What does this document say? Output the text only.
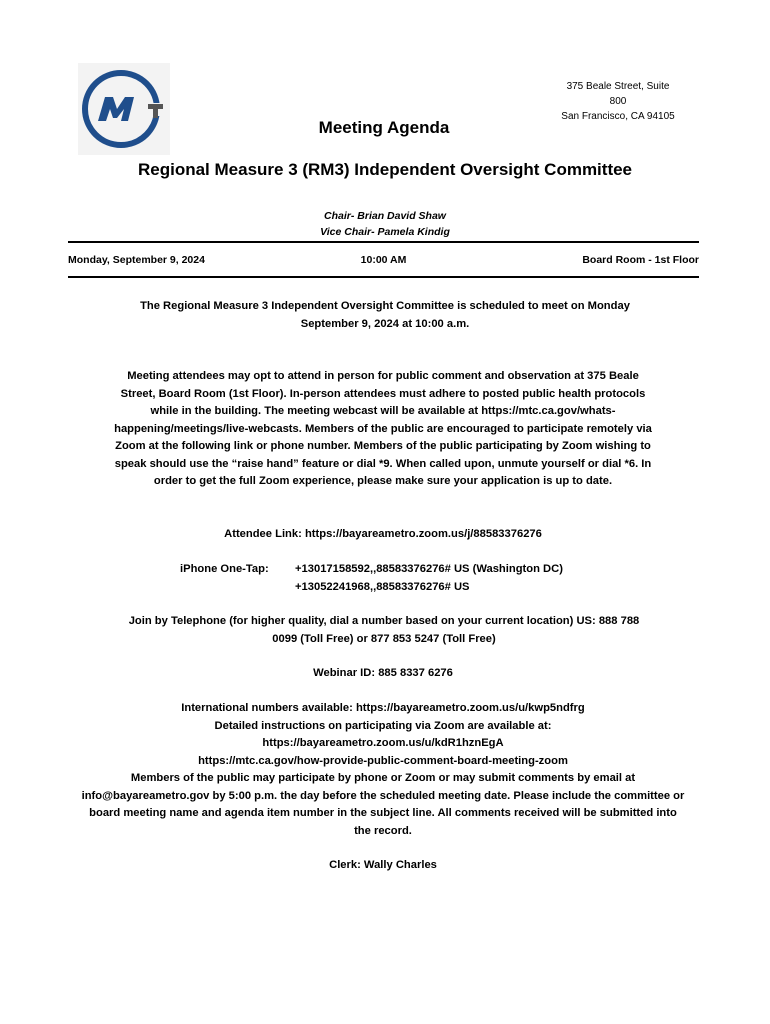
375 Beale Street, Suite
800
San Francisco, CA 94105
Meeting Agenda
Regional Measure 3 (RM3) Independent Oversight Committee
Chair- Brian David Shaw
Vice Chair- Pamela Kindig
Monday, September 9, 2024	10:00 AM	Board Room - 1st Floor

The Regional Measure 3 Independent Oversight Committee is scheduled to meet on Monday September 9, 2024 at 10:00 a.m.

Meeting attendees may opt to attend in person for public comment and observation at 375 Beale Street, Board Room (1st Floor). In-person attendees must adhere to posted public health protocols while in the building. The meeting webcast will be available at https://mtc.ca.gov/whats-happening/meetings/live-webcasts. Members of the public are encouraged to participate remotely via Zoom at the following link or phone number. Members of the public participating by Zoom wishing to speak should use the “raise hand” feature or dial *9. When called upon, unmute yourself or dial *6. In order to get the full Zoom experience, please make sure your application is up to date.

Attendee Link: https://bayareametro.zoom.us/j/88583376276

iPhone One-Tap: +13017158592,,88583376276# US (Washington DC)
+13052241968,,88583376276# US

Join by Telephone (for higher quality, dial a number based on your current location) US: 888 788 0099 (Toll Free) or 877 853 5247 (Toll Free)

Webinar ID: 885 8337 6276

International numbers available: https://bayareametro.zoom.us/u/kwp5ndfrg

Detailed instructions on participating via Zoom are available at:

https://bayareametro.zoom.us/u/kdR1hznEgA

https://mtc.ca.gov/how-provide-public-comment-board-meeting-zoom

Members of the public may participate by phone or Zoom or may submit comments by email at info@bayareametro.gov by 5:00 p.m. the day before the scheduled meeting date. Please include the committee or board meeting name and agenda item number in the subject line. All comments received will be submitted into the record.

Clerk: Wally Charles
